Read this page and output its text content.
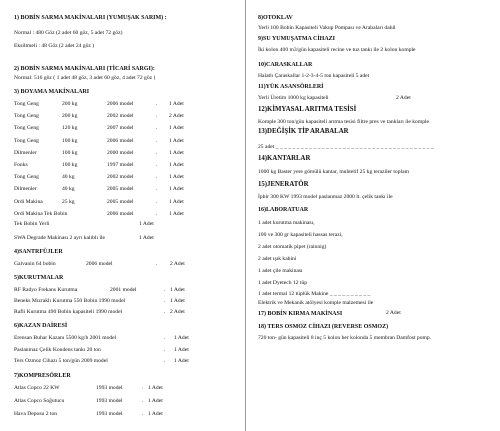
1) BOBİN SARMA MAKİNALARI (YUMUŞAK SARIM) :
Normal : 480 Göz (2 adet 60 göz, 5 adet 72 göz)
Eksiltmeli : 48 Göz (2 adet 24 göz )
2) BOBİN SARMA MAKİNALARI (TİCARİ SARGI):
Normal: 516 göz ( 1 adet 48 göz, 3 adet 60 göz, 4 adet 72 göz )
3) BOYAMA MAKİNALARI
Tong Geng	200 kg	2006 model	. 1 Adet
Tong Geng	200 kg	2002 model	. 2 Adet
Tong Geng	120 kg	2007 model	. 1 Adet
Tong Geng	100 kg	2006 model	. 1 Adet
Dilmenler	100 kg	2000 model	. 1 Adet
Fonks	100 kg	1997 model	. 1 Adet
Tong Geng	40 kg	2002 model	. 1 Adet
Dilmenler	40 kg	2005 model	. 1 Adet
Ordi Makina	25 kg	2005 model	. 1 Adet
Ordi Makina Tek Bobin	2006 model	. 1 Adet
Tek Bobin Yerli	1 Adet
SWA Degrade Makinası 2 ayrı kalıblı ile	1 Adet
4)SANTRFÜJLER
Galvanin 64 bobin	2006 model	. 2 Adet
5)KURUTMALAR
RF Radyo Frekans Kurutma	2001 model	. 1 Adet
Beneks Mızraklı Kurutma 550 Bobin 1990 model	. 1 Adet
Rafli Kurutma 490 Bobin kapasiteli 1990 model	. 2 Adet
6)KAZAN DAİRESİ
Erensan Buhar Kazanı 5500 kg/h 2001 model	. 1 Adet
Paslanmaz Çelik Kondens tankı 20 ton	. 1 Adet
Ters Ozmoz Cihazı 5 ton/gün 2009 model	. 1 Adet
7)KOMPRESÖRLER
Atlas Copco 22 KW	1993 model	. 1 Adet
Atlas Copco Soğutucu	1993 model	. 1 Adet
Hava Deposu 2 ton	1993 model	. 1 Adet
8)OTOKLAV
Yerli 100 Bobin Kapasiteli Vakup Pompası ve Arabaları dahil
9)SU YUMUŞATMA CİHAZI
İki kolon 400 m3/gün kapasiteli recine ve tuz tankı ile 2 kolon komple
10)CARASKALLAR
Halatlı Çaraskallar 1-2-3-4-5 ton kapasiteli 5 adet
11)YÜK ASANSÖRLERİ
Yerli Üretim 1000 kg kapasiteli	2 Adet
12)KİMYASAL ARITMA TESİSİ
Komple 300 ton/gün kapasiteli arıtma tesisi filtre pres ve tankları ile komple
13)DEĞİŞİK TİP ARABALAR
25 adet _ _ _ _ _ _ _ _ _ _ _ _ _ _ _ _ _ _ _ _ _ _ _ _ _ _ _ _ _ _ _ _ _ _ _ _ _ _
14)KANTARLAR
1000 kg Baster yere gömülü kantar, muhtelif 25 kg teraziler toplam
15)JENERATÖR
İpbir 300 KW 1993 model paslanmaz 2000 lt. çelik tankı ile
16)LABORATUAR
1 adet kurutma makinası,
100 ve 300 gr kapasiteli hassas terazi,
2 adet otomatik pipet (rainnig)
2 adet ışık kabini
1 adet çile makinası
1 adet Dyetech 12 tüp
1 adet termal 12 tüplük Makine _ _ _ _ _ _ _ _ _ _
Elektrik ve Mekanik atölyesi komple malzemesi ile
17) BOBİN KIRMA MAKİNASI	2 Adet
18) TERS OSMOZ CİHAZI (REVERSE OSMOZ)
720 ton- gün kapasiteli 8 inç 5 kolon her kolonda 5 membran Damfost pomp.
